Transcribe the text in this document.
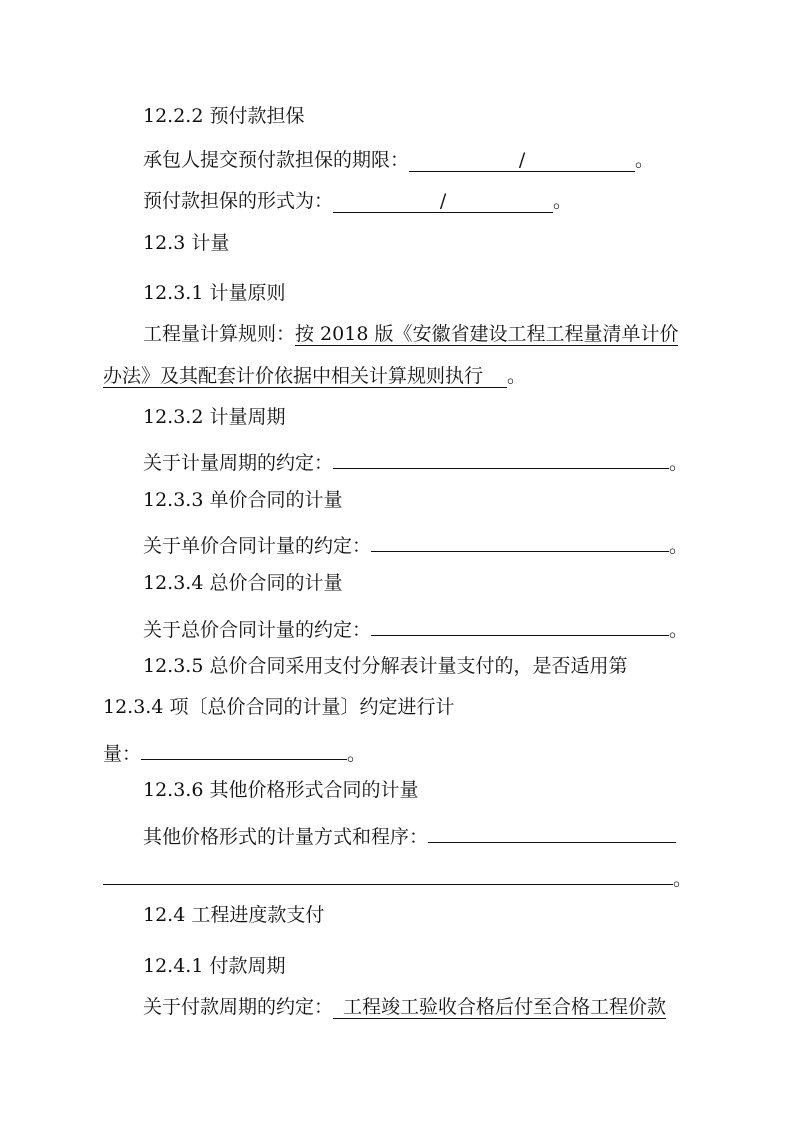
12.2.2 预付款担保
承包人提交预付款担保的期限：	/	。
预付款担保的形式为：	/	。
12.3 计量
12.3.1 计量原则
工程量计算规则：按 2018 版《安徽省建设工程工程量清单计价
办法》及其配套计价依据中相关计算规则执行 。
12.3.2 计量周期
关于计量周期的约定：	。
12.3.3 单价合同的计量
关于单价合同计量的约定：	。
12.3.4 总价合同的计量
关于总价合同计量的约定：	。
12.3.5 总价合同采用支付分解表计量支付的，是否适用第
12.3.4 项〔总价合同的计量〕约定进行计
量：	。
12.3.6 其他价格形式合同的计量
其他价格形式的计量方式和程序：
。
12.4 工程进度款支付
12.4.1 付款周期
关于付款周期的约定： 工程竣工验收合格后付至合格工程价款
